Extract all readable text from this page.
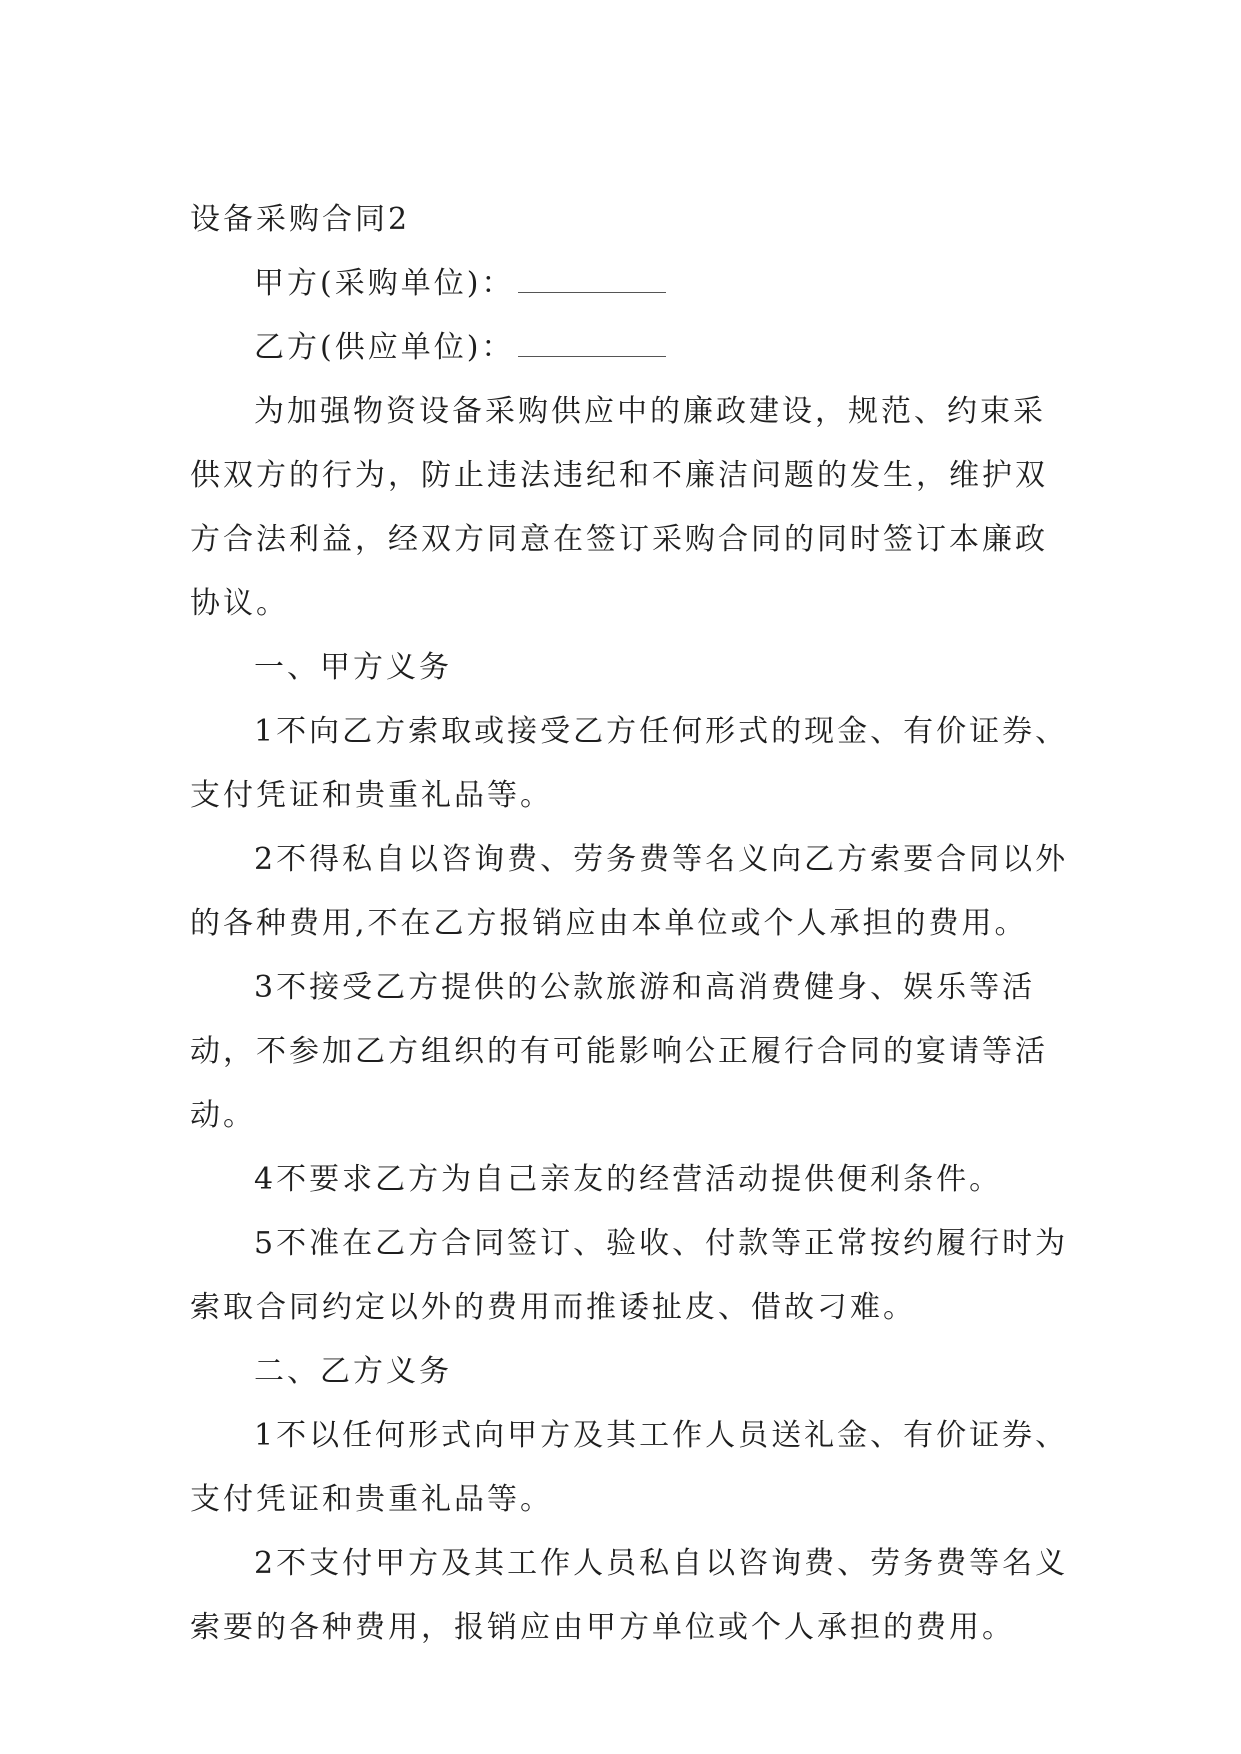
设备采购合同2

甲方(采购单位)：

乙方(供应单位)：

为加强物资设备采购供应中的廉政建设，规范、约束采供双方的行为，防止违法违纪和不廉洁问题的发生，维护双方合法利益，经双方同意在签订采购合同的同时签订本廉政协议。

一、甲方义务

1不向乙方索取或接受乙方任何形式的现金、有价证券、支付凭证和贵重礼品等。

2不得私自以咨询费、劳务费等名义向乙方索要合同以外的各种费用,不在乙方报销应由本单位或个人承担的费用。

3不接受乙方提供的公款旅游和高消费健身、娱乐等活动，不参加乙方组织的有可能影响公正履行合同的宴请等活动。

4不要求乙方为自己亲友的经营活动提供便利条件。

5不准在乙方合同签订、验收、付款等正常按约履行时为索取合同约定以外的费用而推诿扯皮、借故刁难。

二、乙方义务

1不以任何形式向甲方及其工作人员送礼金、有价证券、支付凭证和贵重礼品等。

2不支付甲方及其工作人员私自以咨询费、劳务费等名义索要的各种费用，报销应由甲方单位或个人承担的费用。
